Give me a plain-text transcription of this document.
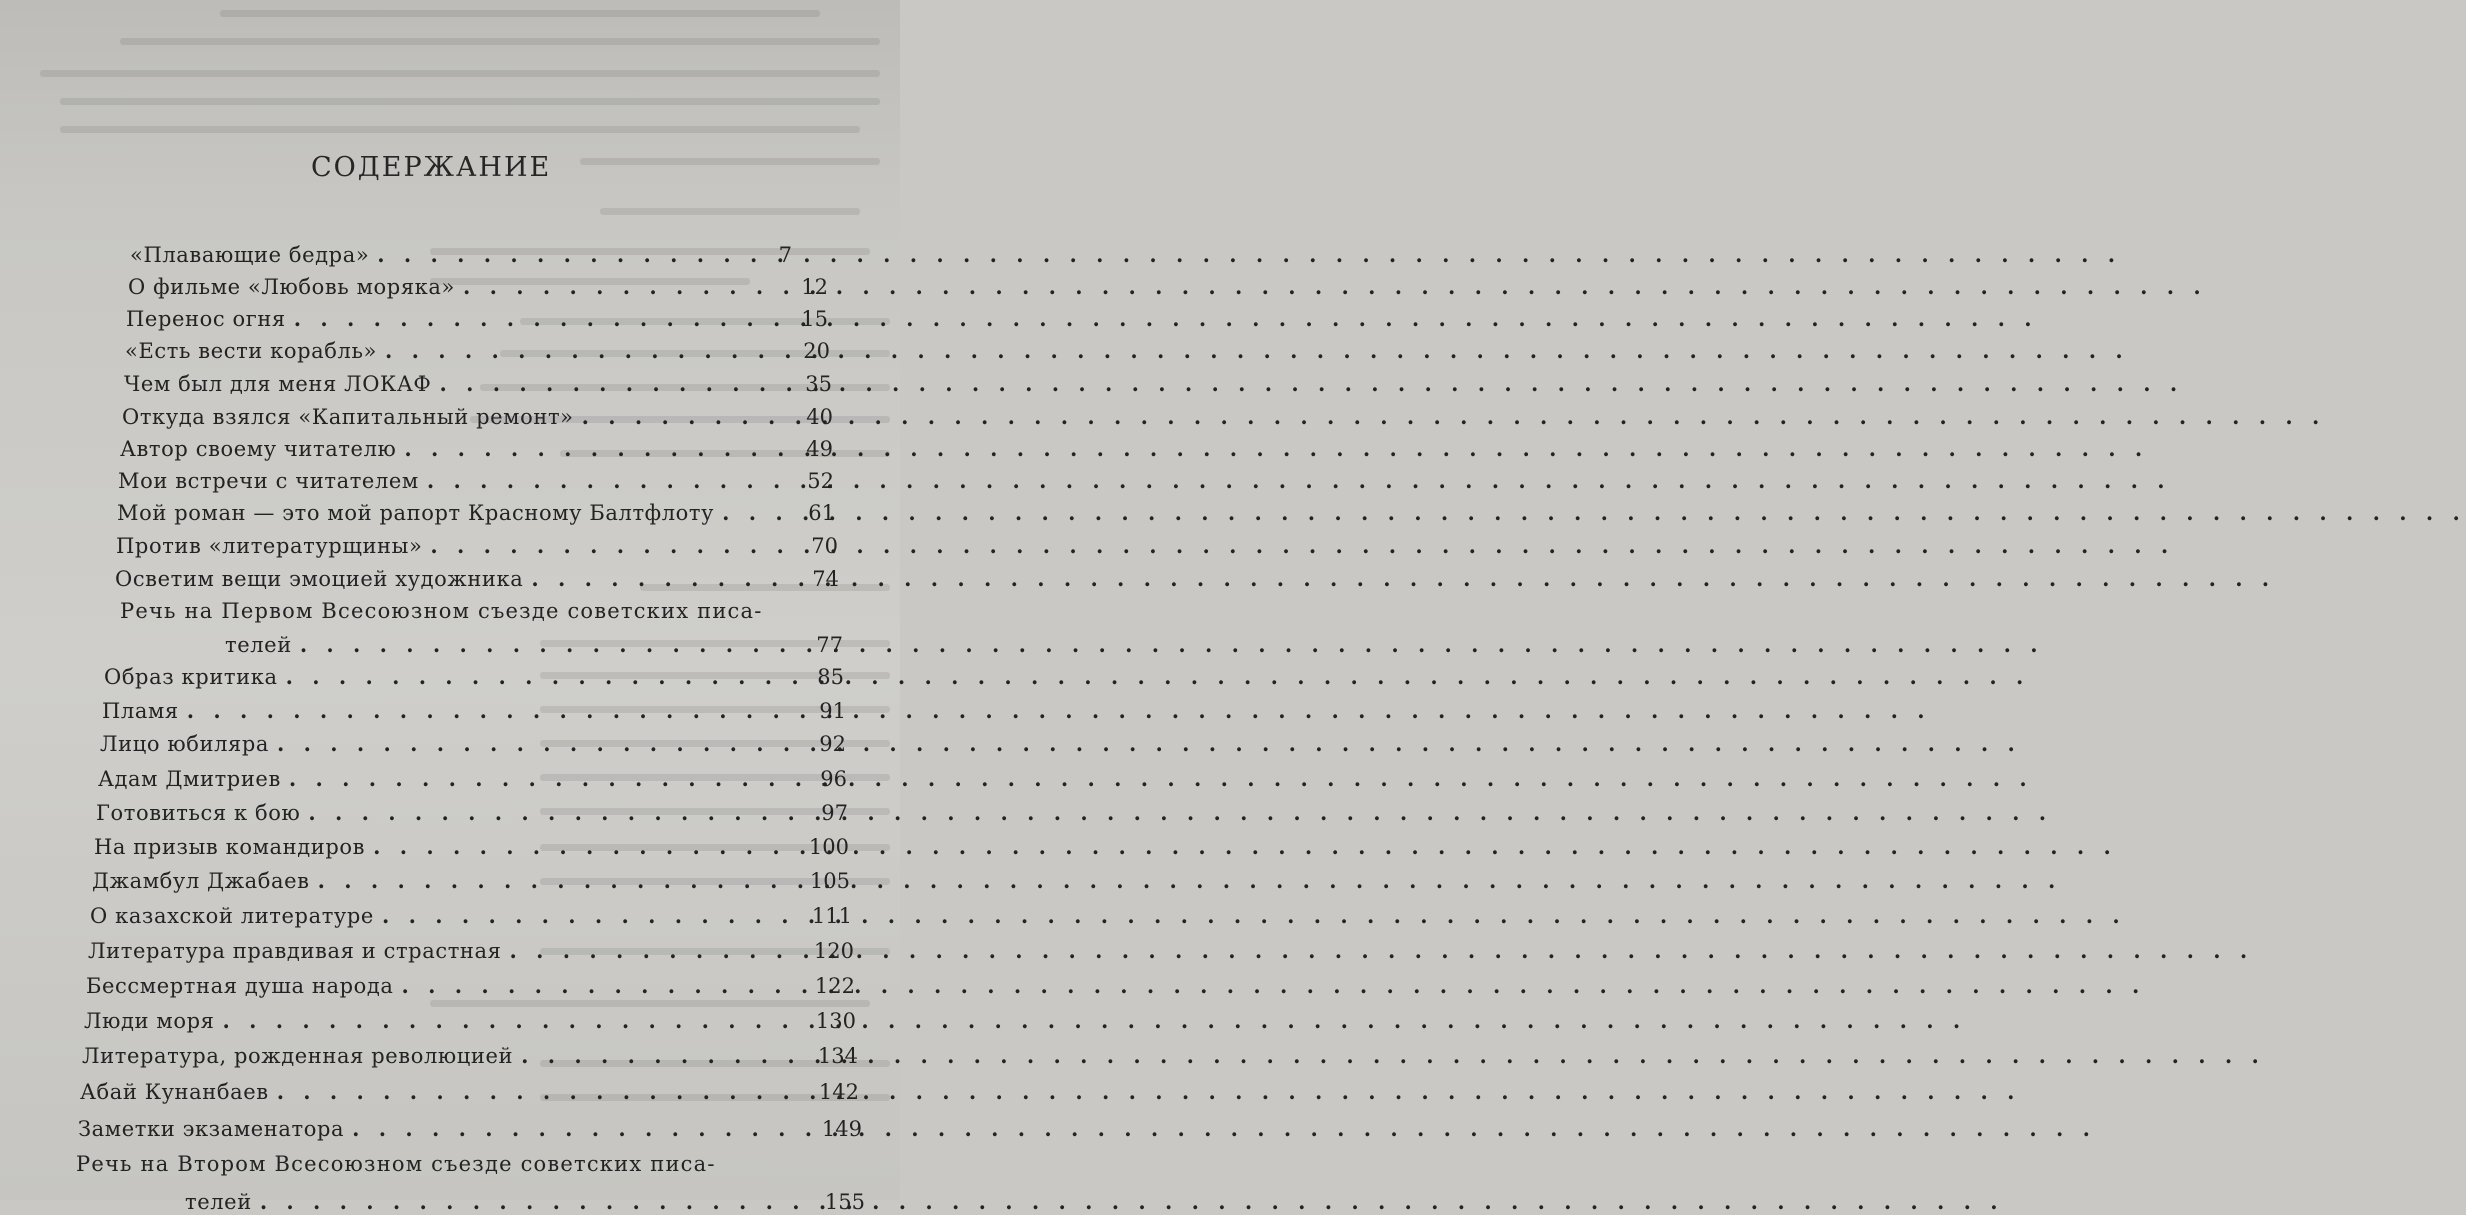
СОДЕРЖАНИЕ
«Плавающие бедра» . . .	7
О фильме «Любовь моряка» . . .	12
Перенос огня . . .	15
«Есть вести корабль» . . .	20
Чем был для меня ЛОКАФ . . .	35
Откуда взялся «Капитальный ремонт» . . .	40
Автор своему читателю . . .	49
Мои встречи с читателем . . .	52
Мой роман — это мой рапорт Красному Балтфлоту . . .	61
Против «литературщины» . . .	70
Осветим вещи эмоцией художника . . .	74
Речь на Первом Всесоюзном съезде советских писа-
телей . . .	77
Образ критика . . .	85
Пламя . . .	91
Лицо юбиляра . . .	92
Адам Дмитриев . . .	96
Готовиться к бою . . .	97
На призыв командиров . . .	100
Джамбул Джабаев . . .	105
О казахской литературе . . .	111
Литература правдивая и страстная . . .	120
Бессмертная душа народа . . .	122
Люди моря . . .	130
Литература, рожденная революцией . . .	134
Абай Кунанбаев . . .	142
Заметки экзаменатора . . .	149
Речь на Втором Всесоюзном съезде советских писа-
телей . . .	155
